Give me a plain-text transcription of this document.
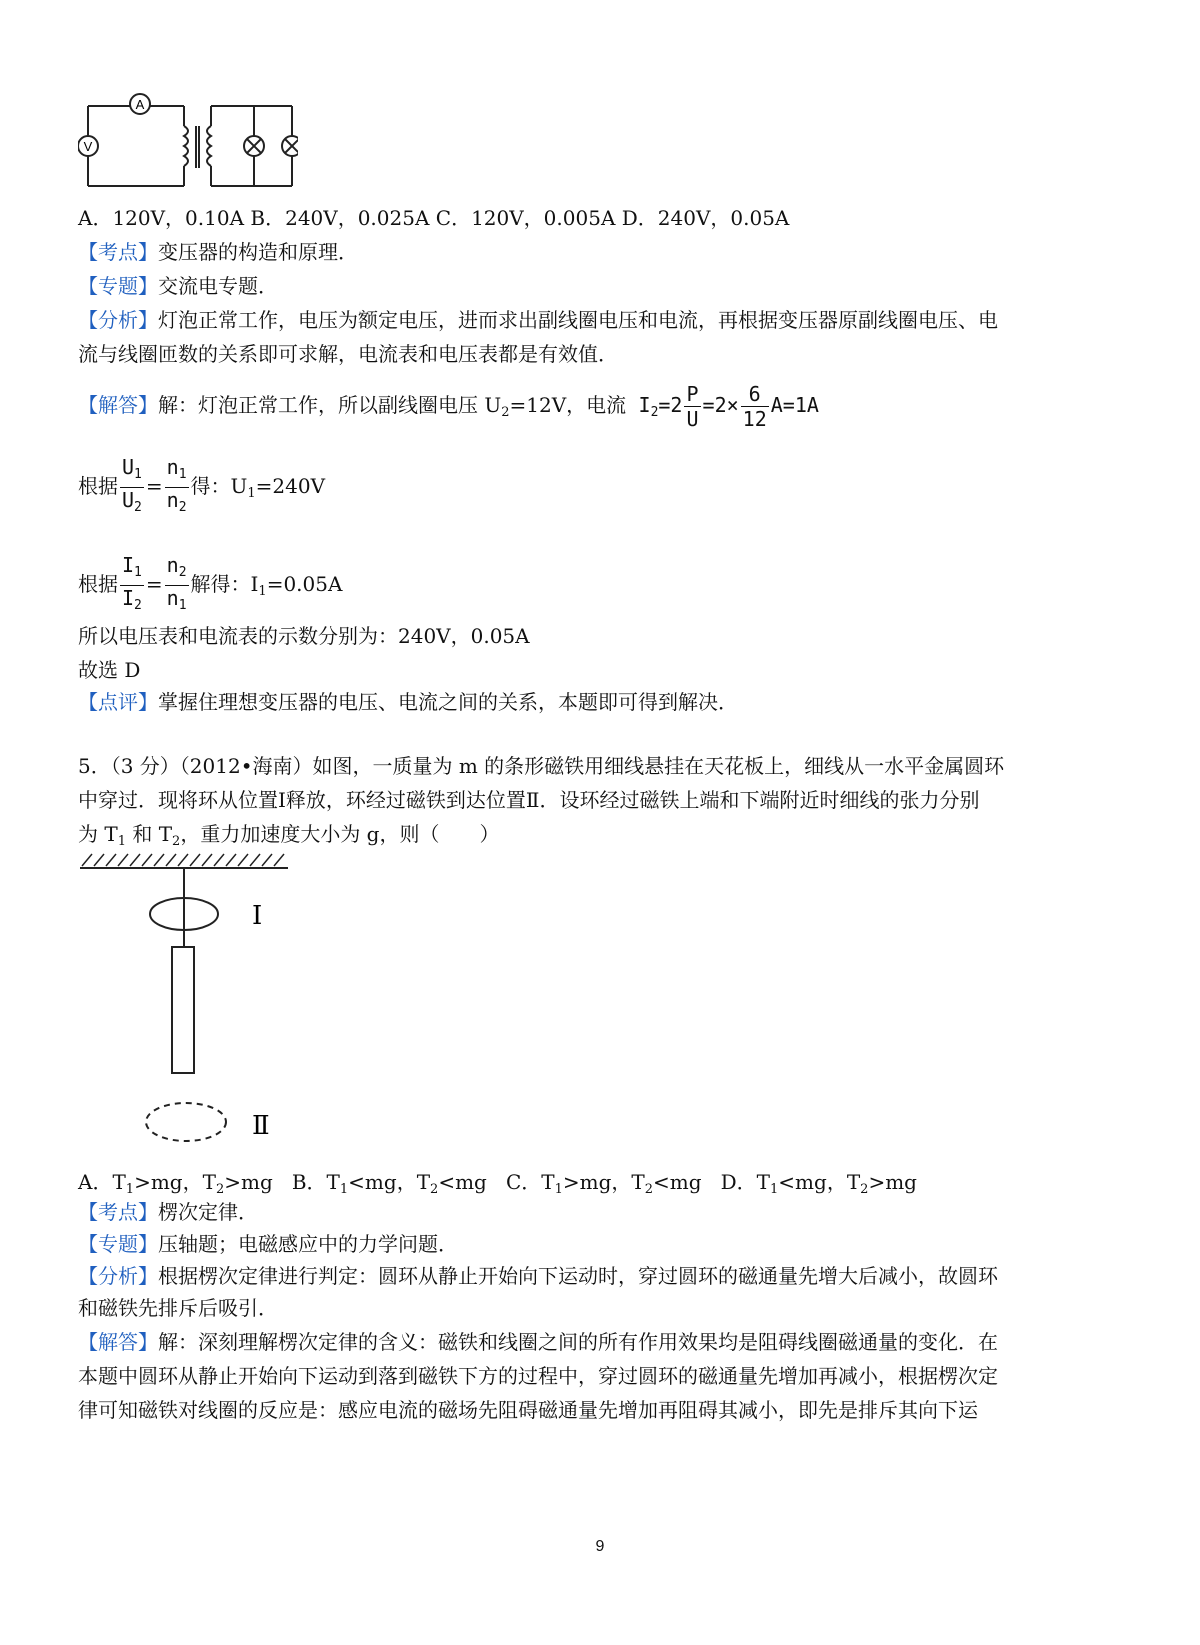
A
V
A．120V，0.10A B．240V，0.025A C．120V，0.005A D．240V，0.05A
【考点】变压器的构造和原理．
【专题】交流电专题．
【分析】灯泡正常工作，电压为额定电压，进而求出副线圈电压和电流，再根据变压器原副线圈电压、电
流与线圈匝数的关系即可求解，电流表和电压表都是有效值．
【解答】解：灯泡正常工作，所以副线圈电压 $U_2=12V$，电流 $I_2=2 \frac{P}{U} =2\times \frac{6}{12} A=1A$
根据 $\frac{U_1}{U_2} = \frac{n_1}{n_2}$ 得：$U_1=240V$
根据 $\frac{I_1}{I_2} = \frac{n_2}{n_1}$ 解得：$I_1=0.05A$
所以电压表和电流表的示数分别为：240V，0.05A
故选 D
【点评】掌握住理想变压器的电压、电流之间的关系，本题即可得到解决．
5．（3 分）（2012•海南）如图，一质量为 m 的条形磁铁用细线悬挂在天花板上，细线从一水平金属圆环
中穿过．现将环从位置Ⅰ释放，环经过磁铁到达位置Ⅱ．设环经过磁铁上端和下端附近时细线的张力分别
为 $T_1$ 和 $T_2$，重力加速度大小为 g，则（　　）
Ⅰ
Ⅱ
A．$T_1>mg$，$T_2>mg$   B．$T_1<mg$，$T_2<mg$   C．$T_1>mg$，$T_2<mg$   D．$T_1<mg$，$T_2>mg$
【考点】楞次定律．
【专题】压轴题；电磁感应中的力学问题．
【分析】根据楞次定律进行判定：圆环从静止开始向下运动时，穿过圆环的磁通量先增大后减小，故圆环
和磁铁先排斥后吸引．
【解答】解：深刻理解楞次定律的含义：磁铁和线圈之间的所有作用效果均是阻碍线圈磁通量的变化．在
本题中圆环从静止开始向下运动到落到磁铁下方的过程中，穿过圆环的磁通量先增加再减小，根据楞次定
律可知磁铁对线圈的反应是：感应电流的磁场先阻碍磁通量先增加再阻碍其减小，即先是排斥其向下运
9
